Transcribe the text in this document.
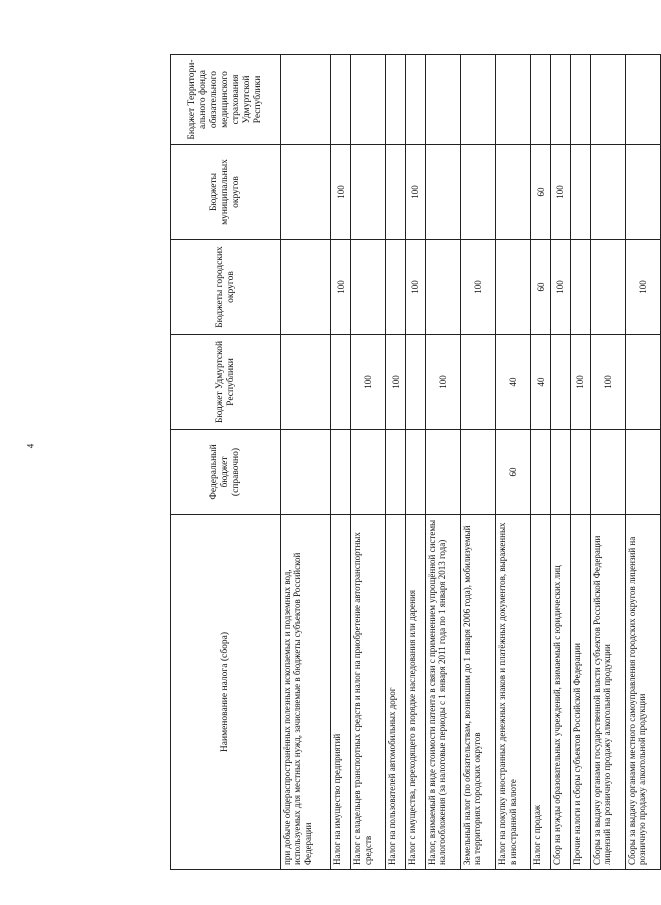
4
Наименование налога (сбора)	Федеральный бюджет (справочно)	Бюджет Удмуртской Республики	Бюджеты городских округов	Бюджеты муниципальных округов	Бюджет Территори-ального фонда обязательного медицинского страхования Удмуртской Республики
при добыче общераспространённых полезных ископаемых и подземных вод, используемых для местных нужд, зачисляемые в бюджеты субъектов Российской Федерации					
Налог на имущество предприятий			100	100	
Налог с владельцев транспортных средств и налог на приобретение автотранспортных средств		100			
Налог на пользователей автомобильных дорог		100			
Налог с имущества, переходящего в порядке наследования или дарения			100	100	
Налог, взимаемый в виде стоимости патента в связи с применением упрощённой системы налогообложения (за налоговые периоды с 1 января 2011 года по 1 января 2013 года)		100			
Земельный налог (по обязательствам, возникшим до 1 января 2006 года), мобилизуемый на территориях городских округов			100		
Налог на покупку иностранных денежных знаков и платёжных документов, выраженных в иностранной валюте	60	40			
Налог с продаж		40	60	60	
Сбор на нужды образовательных учреждений, взимаемый с юридических лиц			100	100	
Прочие налоги и сборы субъектов Российской Федерации		100			
Сборы за выдачу органами государственной власти субъектов Российской Федерации лицензий на розничную продажу алкогольной продукции		100			
Сборы за выдачу органами местного самоуправления городских округов лицензий на розничную продажу алкогольной продукции			100		
